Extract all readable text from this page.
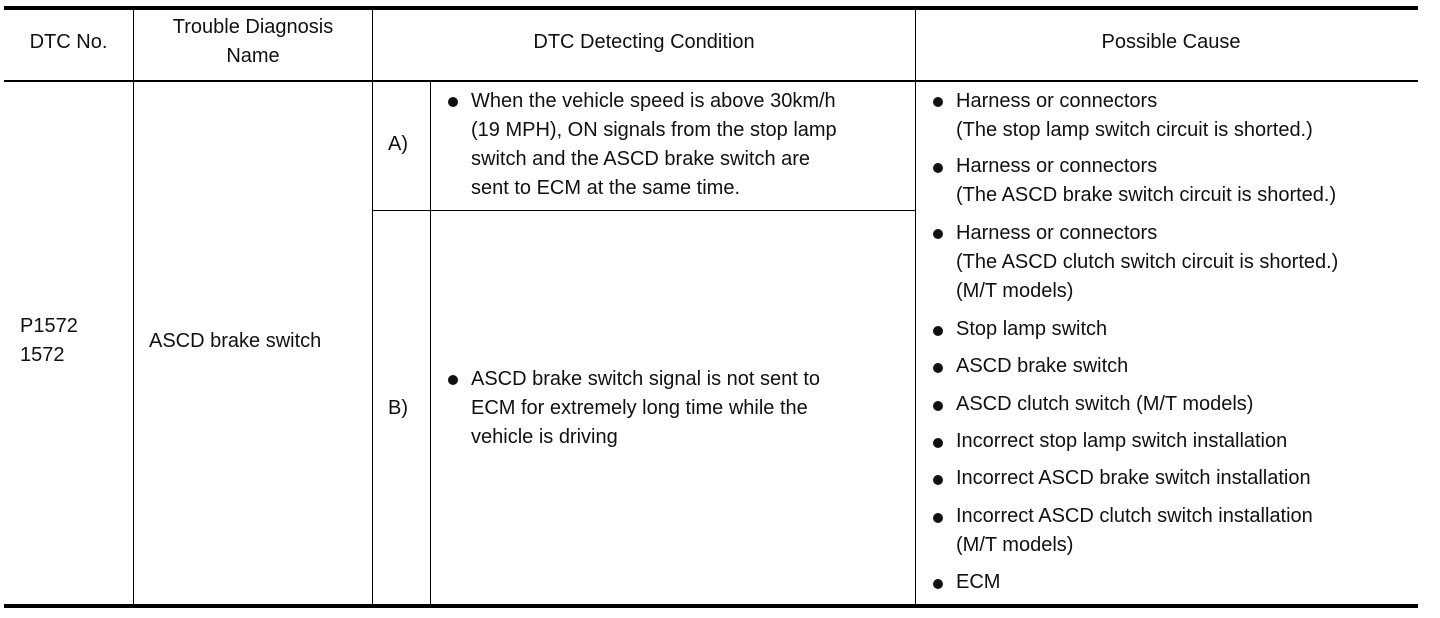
DTC No.
Trouble Diagnosis
Name
DTC Detecting Condition	Possible Cause
P1572
1572
ASCD brake switch
A)
When the vehicle speed is above 30km/h
(19 MPH), ON signals from the stop lamp
switch and the ASCD brake switch are
sent to ECM at the same time.
B)
ASCD brake switch signal is not sent to
ECM for extremely long time while the
vehicle is driving
Harness or connectors
(The stop lamp switch circuit is shorted.)
Harness or connectors
(The ASCD brake switch circuit is shorted.)
Harness or connectors
(The ASCD clutch switch circuit is shorted.)
(M/T models)
Stop lamp switch
ASCD brake switch
ASCD clutch switch (M/T models)
Incorrect stop lamp switch installation
Incorrect ASCD brake switch installation
Incorrect ASCD clutch switch installation
(M/T models)
ECM
